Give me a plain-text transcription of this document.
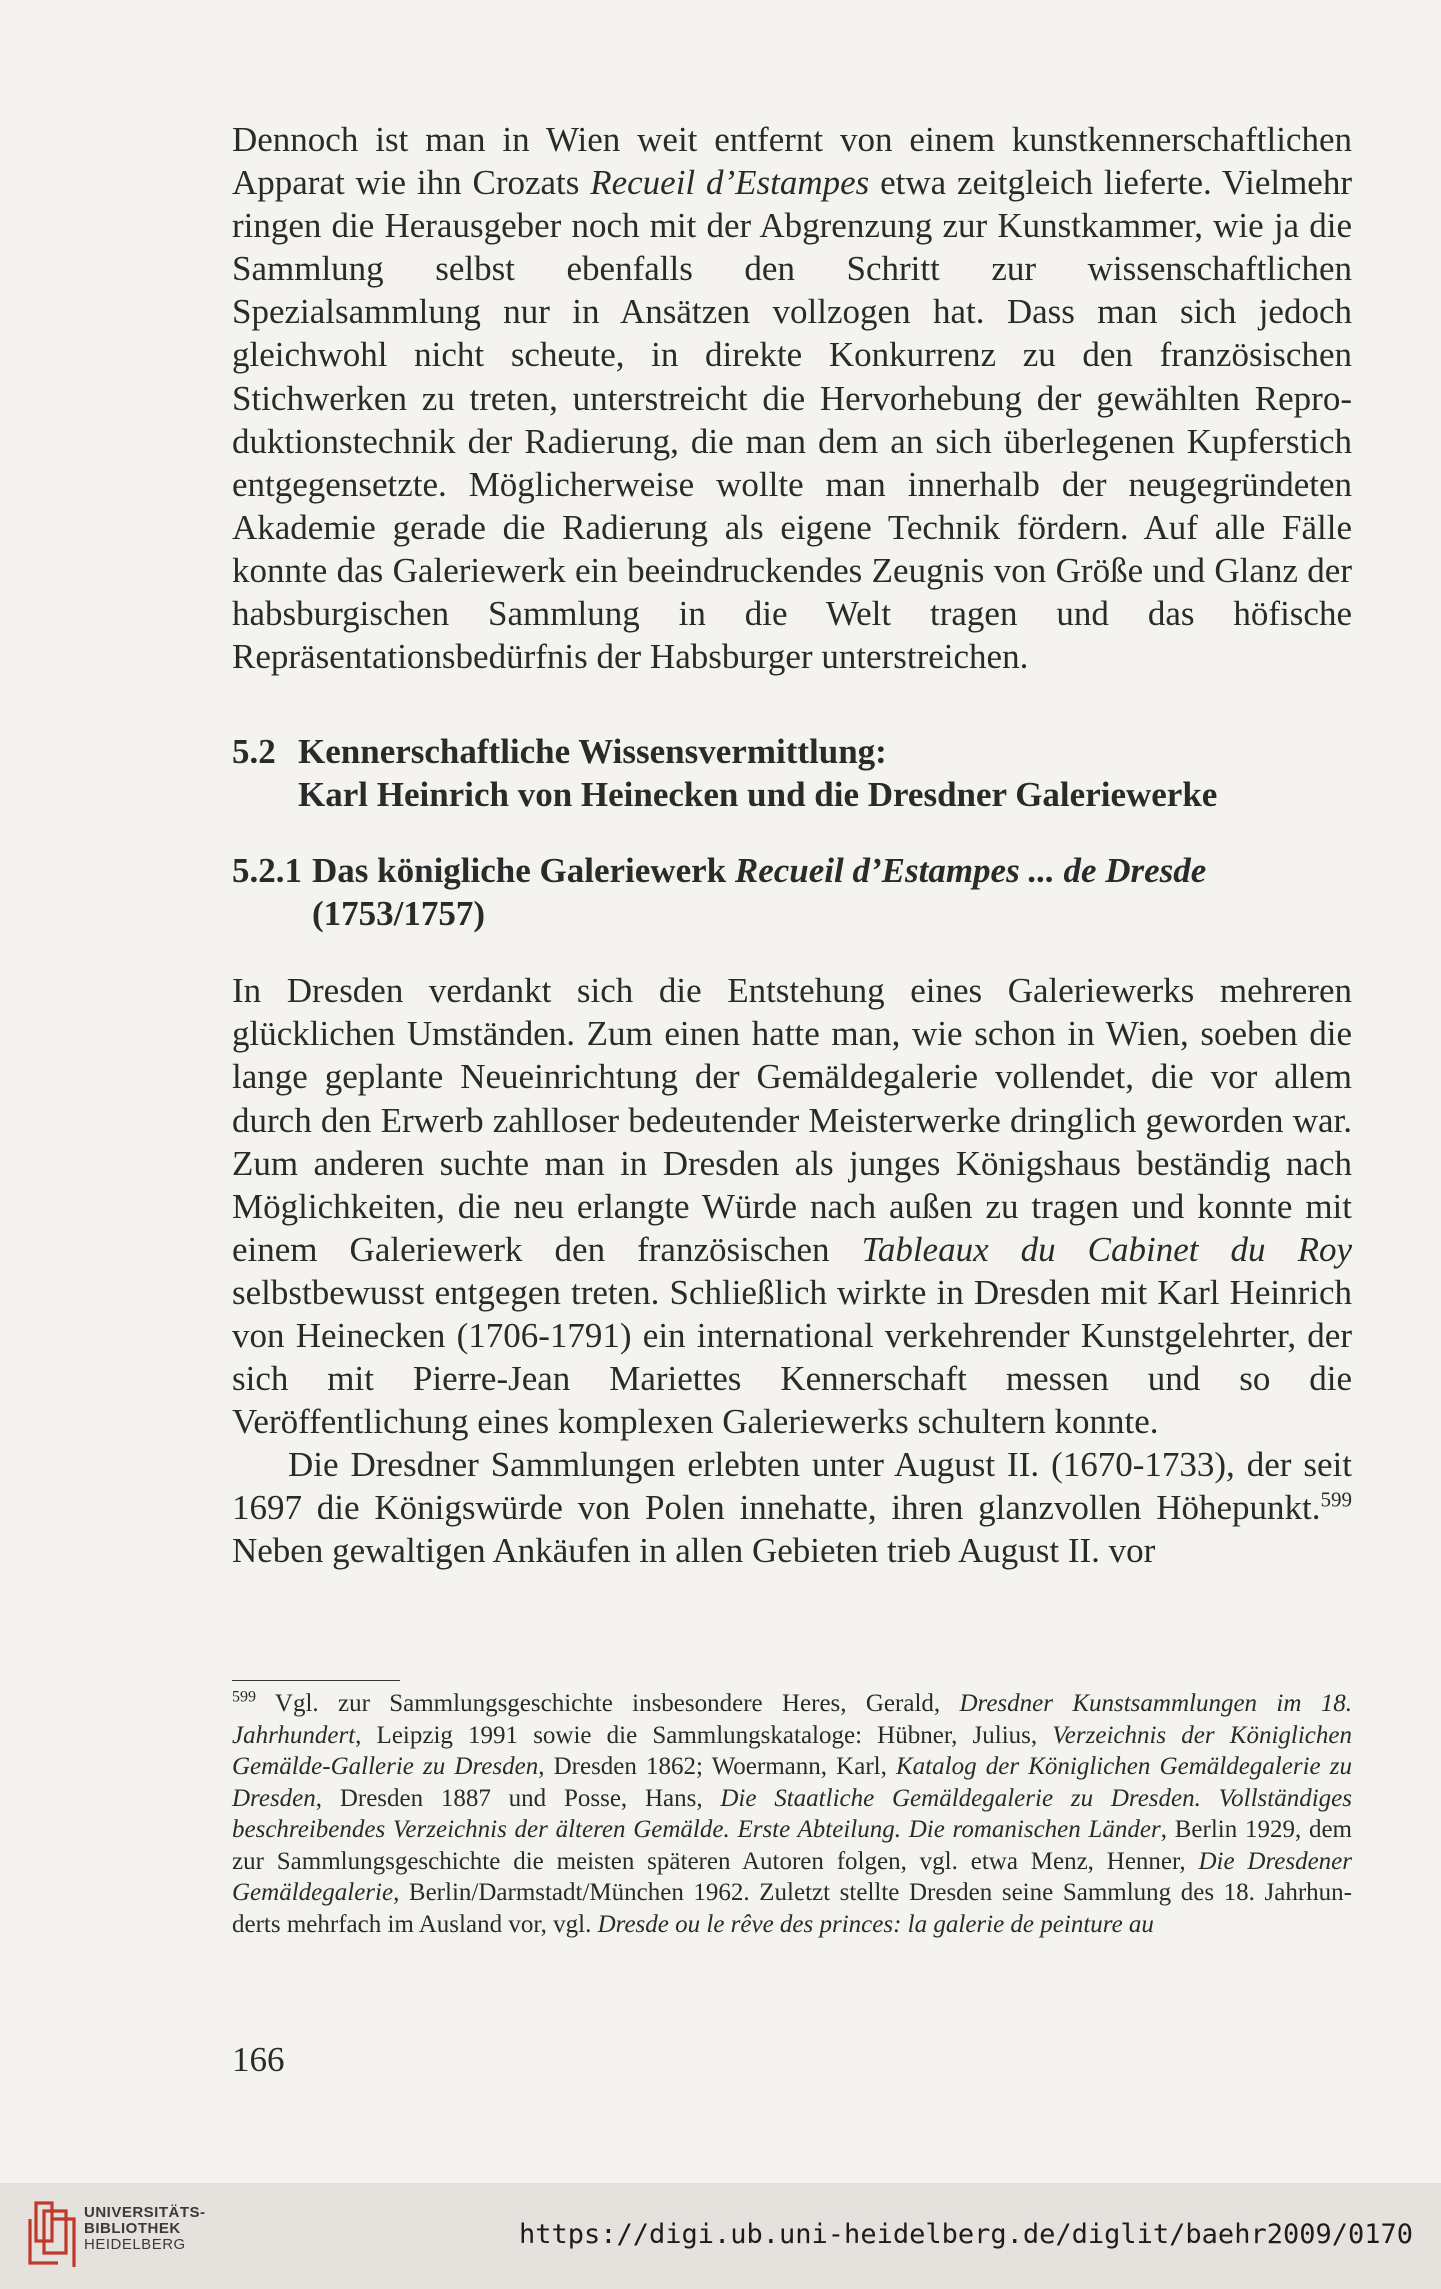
Dennoch ist man in Wien weit entfernt von einem kunstkennerschaftlichen Apparat wie ihn Crozats Recueil d’Estampes etwa zeitgleich lieferte. Vielmehr ringen die Herausgeber noch mit der Abgrenzung zur Kunstkammer, wie ja die Sammlung selbst ebenfalls den Schritt zur wissenschaftlichen Spezialsammlung nur in Ansätzen vollzogen hat. Dass man sich jedoch gleichwohl nicht scheute, in direkte Konkurrenz zu den französischen Stichwerken zu treten, unterstreicht die Hervorhebung der gewählten Reproduktionstechnik der Radierung, die man dem an sich überlegenen Kupferstich entgegensetzte. Möglicherweise wollte man innerhalb der neugegründeten Akademie gerade die Radierung als eigene Technik fördern. Auf alle Fälle konnte das Galeriewerk ein beeindruckendes Zeugnis von Größe und Glanz der habsburgischen Sammlung in die Welt tragen und das höfische Repräsentationsbedürfnis der Habsburger unterstreichen.

5.2 Kennerschaftliche Wissensvermittlung:
Karl Heinrich von Heinecken und die Dresdner Galeriewerke
5.2.1 Das königliche Galeriewerk Recueil d’Estampes ... de Dresde
(1753/1757)

In Dresden verdankt sich die Entstehung eines Galeriewerks mehreren glücklichen Umständen. Zum einen hatte man, wie schon in Wien, soeben die lange geplante Neueinrichtung der Gemäldegalerie vollendet, die vor allem durch den Erwerb zahlloser bedeutender Meisterwerke dringlich geworden war. Zum anderen suchte man in Dresden als junges Königshaus beständig nach Möglichkeiten, die neu erlangte Würde nach außen zu tragen und konnte mit einem Galeriewerk den französischen Tableaux du Cabinet du Roy selbstbewusst entgegen treten. Schließlich wirkte in Dresden mit Karl Heinrich von Heinecken (1706-1791) ein international verkehrender Kunstgelehrter, der sich mit Pierre-Jean Mariettes Kennerschaft messen und so die Veröffentlichung eines komplexen Galeriewerks schultern konnte.

Die Dresdner Sammlungen erlebten unter August II. (1670-1733), der seit 1697 die Königswürde von Polen innehatte, ihren glanzvollen Höhepunkt.$^{599}$ Neben gewaltigen Ankäufen in allen Gebieten trieb August II. vor

$^{599}$ Vgl. zur Sammlungsgeschichte insbesondere Heres, Gerald, Dresdner Kunstsammlungen im 18. Jahrhundert, Leipzig 1991 sowie die Sammlungskataloge: Hübner, Julius, Verzeichnis der Königlichen Gemälde-Gallerie zu Dresden, Dresden 1862; Woermann, Karl, Katalog der Königlichen Gemäldegalerie zu Dresden, Dresden 1887 und Posse, Hans, Die Staatliche Gemäldegalerie zu Dresden. Vollständiges beschreibendes Verzeichnis der älteren Gemälde. Erste Abteilung. Die romanischen Länder, Berlin 1929, dem zur Sammlungsgeschichte die meisten späteren Autoren folgen, vgl. etwa Menz, Henner, Die Dresdener Gemäldegalerie, Berlin/Darmstadt/München 1962. Zuletzt stellte Dresden seine Sammlung des 18. Jahrhunderts mehrfach im Ausland vor, vgl. Dresde ou le rêve des princes: la galerie de peinture au

166

UNIVERSITÄTS-
BIBLIOTHEK
HEIDELBERG	https://digi.ub.uni-heidelberg.de/diglit/baehr2009/0170
